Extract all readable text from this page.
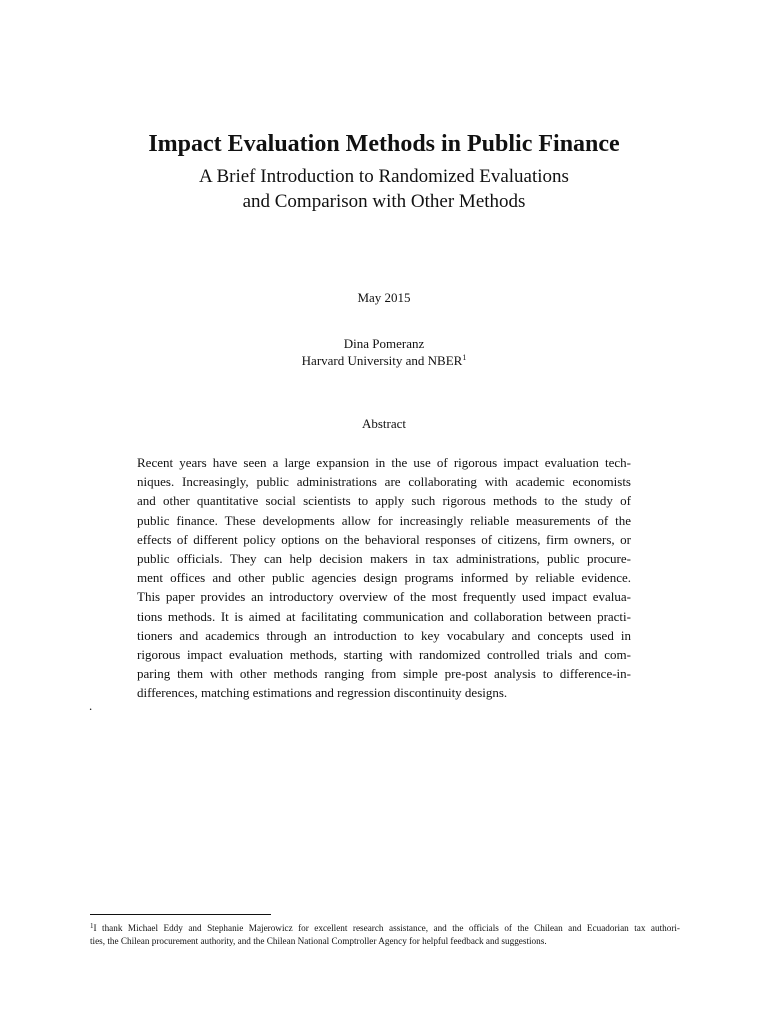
Impact Evaluation Methods in Public Finance
A Brief Introduction to Randomized Evaluations
and Comparison with Other Methods
May 2015
Dina Pomeranz
Harvard University and NBER$^1$
Abstract
Recent years have seen a large expansion in the use of rigorous impact evaluation tech-
niques. Increasingly, public administrations are collaborating with academic economists
and other quantitative social scientists to apply such rigorous methods to the study of
public finance. These developments allow for increasingly reliable measurements of the
effects of different policy options on the behavioral responses of citizens, firm owners, or
public officials. They can help decision makers in tax administrations, public procure-
ment offices and other public agencies design programs informed by reliable evidence.
This paper provides an introductory overview of the most frequently used impact evalua-
tions methods. It is aimed at facilitating communication and collaboration between practi-
tioners and academics through an introduction to key vocabulary and concepts used in
rigorous impact evaluation methods, starting with randomized controlled trials and com-
paring them with other methods ranging from simple pre-post analysis to difference-in-
differences, matching estimations and regression discontinuity designs.
.
$^1$I thank Michael Eddy and Stephanie Majerowicz for excellent research assistance, and the officials of the Chilean and Ecuadorian tax authori-
ties, the Chilean procurement authority, and the Chilean National Comptroller Agency for helpful feedback and suggestions.
